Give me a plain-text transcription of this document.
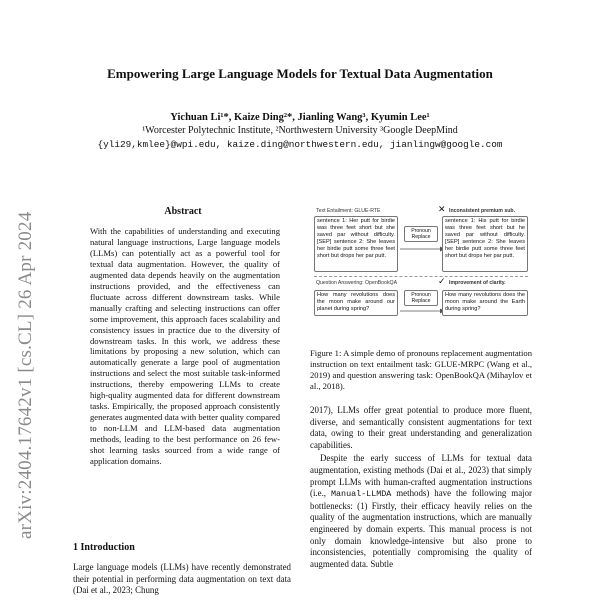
arXiv:2404.17642v1 [cs.CL] 26 Apr 2024
Empowering Large Language Models for Textual Data Augmentation
Yichuan Li¹*, Kaize Ding²*, Jianling Wang³, Kyumin Lee¹
¹Worcester Polytechnic Institute, ²Northwestern University ³Google DeepMind
{yli29,kmlee}@wpi.edu, kaize.ding@northwestern.edu, jianlingw@google.com
Abstract
With the capabilities of understanding and executing natural language instructions, Large language models (LLMs) can potentially act as a powerful tool for textual data augmentation. However, the quality of augmented data depends heavily on the augmentation instructions provided, and the effectiveness can fluctuate across different downstream tasks. While manually crafting and selecting instructions can offer some improvement, this approach faces scalability and consistency issues in practice due to the diversity of downstream tasks. In this work, we address these limitations by proposing a new solution, which can automatically generate a large pool of augmentation instructions and select the most suitable task-informed instructions, thereby empowering LLMs to create high-quality augmented data for different downstream tasks. Empirically, the proposed approach consistently generates augmented data with better quality compared to non-LLM and LLM-based data augmentation methods, leading to the best performance on 26 few-shot learning tasks sourced from a wide range of application domains.
1 Introduction
Large language models (LLMs) have recently demonstrated their potential in performing data augmentation on text data (Dai et al., 2023; Chung
Text Entailment: GLUE-RTE	✕ Inconsistent premium sub.
sentence 1: Her putt for birdie was three feet short but she saved par without difficulty. [SEP] sentence 2: She leaves her birdie putt some three feet short but drops her par putt.
Pronoun Replace
sentence 1: His putt for birdie was three feet short but he saved par without difficulty. [SEP] sentence 2: She leaves her birdie putt some three feet short but drops her par putt.
Question Answering: OpenBookQA	✓ Improvement of clarity.
How many revolutions does the moon make around our planet during spring?
Pronoun Replace
How many revolutions does the moon make around the Earth during spring?
Figure 1: A simple demo of pronouns replacement augmentation instruction on text entailment task: GLUE-MRPC (Wang et al., 2019) and question answering task: OpenBookQA (Mihaylov et al., 2018).

2017), LLMs offer great potential to produce more fluent, diverse, and semantically consistent augmentations for text data, owing to their great understanding and generalization capabilities.

Despite the early success of LLMs for textual data augmentation, existing methods (Dai et al., 2023) that simply prompt LLMs with human-crafted augmentation instructions (i.e., Manual-LLMDA methods) have the following major bottlenecks: (1) Firstly, their efficacy heavily relies on the quality of the augmentation instructions, which are manually engineered by domain experts. This manual process is not only domain knowledge-intensive but also prone to inconsistencies, potentially compromising the quality of augmented data. Subtle
